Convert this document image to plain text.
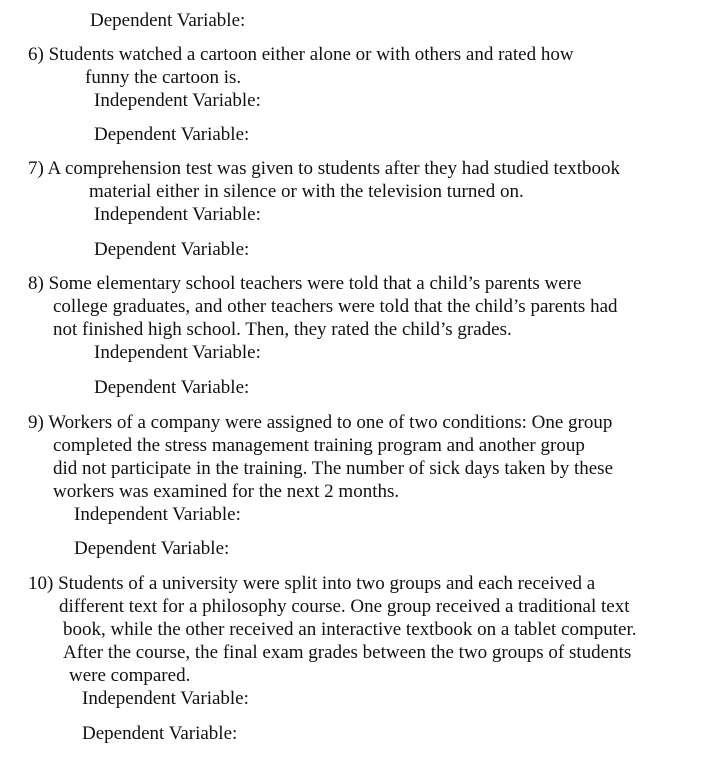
Dependent Variable:
6) Students watched a cartoon either alone or with others and rated how
funny the cartoon is.
Independent Variable:
Dependent Variable:
7) A comprehension test was given to students after they had studied textbook
material either in silence or with the television turned on.
Independent Variable:
Dependent Variable:
8) Some elementary school teachers were told that a child’s parents were
college graduates, and other teachers were told that the child’s parents had
not finished high school. Then, they rated the child’s grades.
Independent Variable:
Dependent Variable:
9) Workers of a company were assigned to one of two conditions: One group
completed the stress management training program and another group
did not participate in the training. The number of sick days taken by these
workers was examined for the next 2 months.
Independent Variable:
Dependent Variable:
10) Students of a university were split into two groups and each received a
different text for a philosophy course. One group received a traditional text
book, while the other received an interactive textbook on a tablet computer.
After the course, the final exam grades between the two groups of students
were compared.
Independent Variable:
Dependent Variable:
